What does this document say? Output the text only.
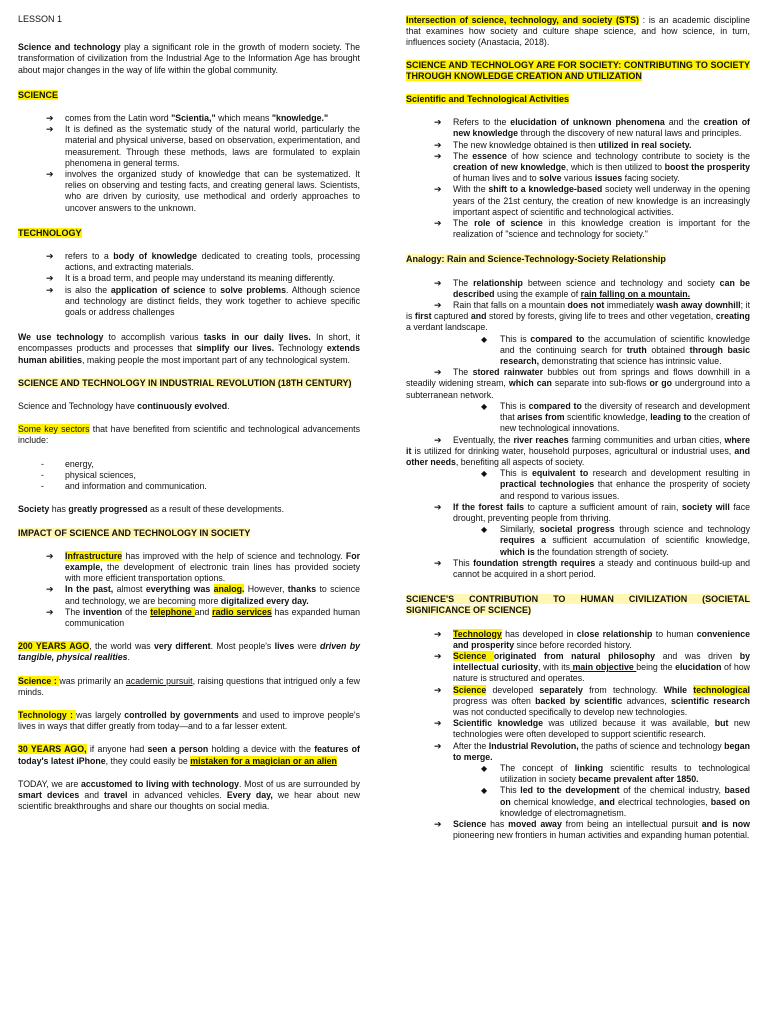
LESSON 1

Science and technology play a significant role in the growth of modern society. The transformation of civilization from the Industrial Age to the Information Age has brought about major changes in the way of life within the global community.

SCIENCE
➔ comes from the Latin word "Scientia," which means "knowledge."
➔ It is defined as the systematic study of the natural world, particularly the material and physical universe, based on observation, experimentation, and measurement. Through these methods, laws are formulated to explain phenomena in general terms.
➔ involves the organized study of knowledge that can be systematized. It relies on observing and testing facts, and creating general laws. Scientists, who are driven by curiosity, use methodical and orderly approaches to uncover answers to the unknown.
TECHNOLOGY
➔ refers to a body of knowledge dedicated to creating tools, processing actions, and extracting materials.
➔ It is a broad term, and people may understand its meaning differently.
➔ is also the application of science to solve problems. Although science and technology are distinct fields, they work together to achieve specific goals or address challenges

We use technology to accomplish various tasks in our daily lives. In short, it encompasses products and processes that simplify our lives. Technology extends human abilities, making people the most important part of any technological system.

SCIENCE AND TECHNOLOGY IN INDUSTRIAL REVOLUTION (18TH CENTURY)

Science and Technology have continuously evolved.

Some key sectors that have benefited from scientific and technological advancements include:

- energy,
- physical sciences,
- and information and communication.

Society has greatly progressed as a result of these developments.

IMPACT OF SCIENCE AND TECHNOLOGY IN SOCIETY
➔ Infrastructure has improved with the help of science and technology. For example, the development of electronic train lines has provided society with more efficient transportation options.
➔ In the past, almost everything was analog. However, thanks to science and technology, we are becoming more digitalized every day.
➔ The invention of the telephone and radio services has expanded human communication

200 YEARS AGO, the world was very different. Most people's lives were driven by tangible, physical realities.

Science : was primarily an academic pursuit, raising questions that intrigued only a few minds.

Technology : was largely controlled by governments and used to improve people's lives in ways that differ greatly from today—and to a far lesser extent.

30 YEARS AGO, if anyone had seen a person holding a device with the features of today's latest iPhone, they could easily be mistaken for a magician or an alien

TODAY, we are accustomed to living with technology. Most of us are surrounded by smart devices and travel in advanced vehicles. Every day, we hear about new scientific breakthroughs and share our thoughts on social media.

Intersection of science, technology, and society (STS) : is an academic discipline that examines how society and culture shape science, and how science, in turn, influences society (Anastacia, 2018).

SCIENCE AND TECHNOLOGY ARE FOR SOCIETY: CONTRIBUTING TO SOCIETY THROUGH KNOWLEDGE CREATION AND UTILIZATION
Scientific and Technological Activities
➔ Refers to the elucidation of unknown phenomena and the creation of new knowledge through the discovery of new natural laws and principles.
➔ The new knowledge obtained is then utilized in real society.
➔ The essence of how science and technology contribute to society is the creation of new knowledge, which is then utilized to boost the prosperity of human lives and to solve various issues facing society.
➔ With the shift to a knowledge-based society well underway in the opening years of the 21st century, the creation of new knowledge is an increasingly important aspect of scientific and technological activities.
➔ The role of science in this knowledge creation is important for the realization of "science and technology for society."
Analogy: Rain and Science-Technology-Society Relationship
➔ The relationship between science and technology and society can be described using the example of rain falling on a mountain.
➔ Rain that falls on a mountain does not immediately wash away downhill; it is first captured and stored by forests, giving life to trees and other vegetation, creating a verdant landscape.
◆ This is compared to the accumulation of scientific knowledge and the continuing search for truth obtained through basic research, demonstrating that science has intrinsic value.
➔ The stored rainwater bubbles out from springs and flows downhill in a steadily widening stream, which can separate into sub-flows or go underground into a subterranean network.
◆ This is compared to the diversity of research and development that arises from scientific knowledge, leading to the creation of new technological innovations.
➔ Eventually, the river reaches farming communities and urban cities, where it is utilized for drinking water, household purposes, agricultural or industrial uses, and other needs, benefiting all aspects of society.
◆ This is equivalent to research and development resulting in practical technologies that enhance the prosperity of society and respond to various issues.
➔ If the forest fails to capture a sufficient amount of rain, society will face drought, preventing people from thriving.
◆ Similarly, societal progress through science and technology requires a sufficient accumulation of scientific knowledge, which is the foundation strength of society.
➔ This foundation strength requires a steady and continuous build-up and cannot be acquired in a short period.
SCIENCE'S CONTRIBUTION TO HUMAN CIVILIZATION (SOCIETAL SIGNIFICANCE OF SCIENCE)
➔ Technology has developed in close relationship to human convenience and prosperity since before recorded history.
➔ Science originated from natural philosophy and was driven by intellectual curiosity, with its main objective being the elucidation of how nature is structured and operates.
➔ Science developed separately from technology. While technological progress was often backed by scientific advances, scientific research was not conducted specifically to develop new technologies.
➔ Scientific knowledge was utilized because it was available, but new technologies were often developed to support scientific research.
➔ After the Industrial Revolution, the paths of science and technology began to merge.
◆ The concept of linking scientific results to technological utilization in society became prevalent after 1850.
◆ This led to the development of the chemical industry, based on chemical knowledge, and electrical technologies, based on knowledge of electromagnetism.
➔ Science has moved away from being an intellectual pursuit and is now pioneering new frontiers in human activities and expanding human potential.
